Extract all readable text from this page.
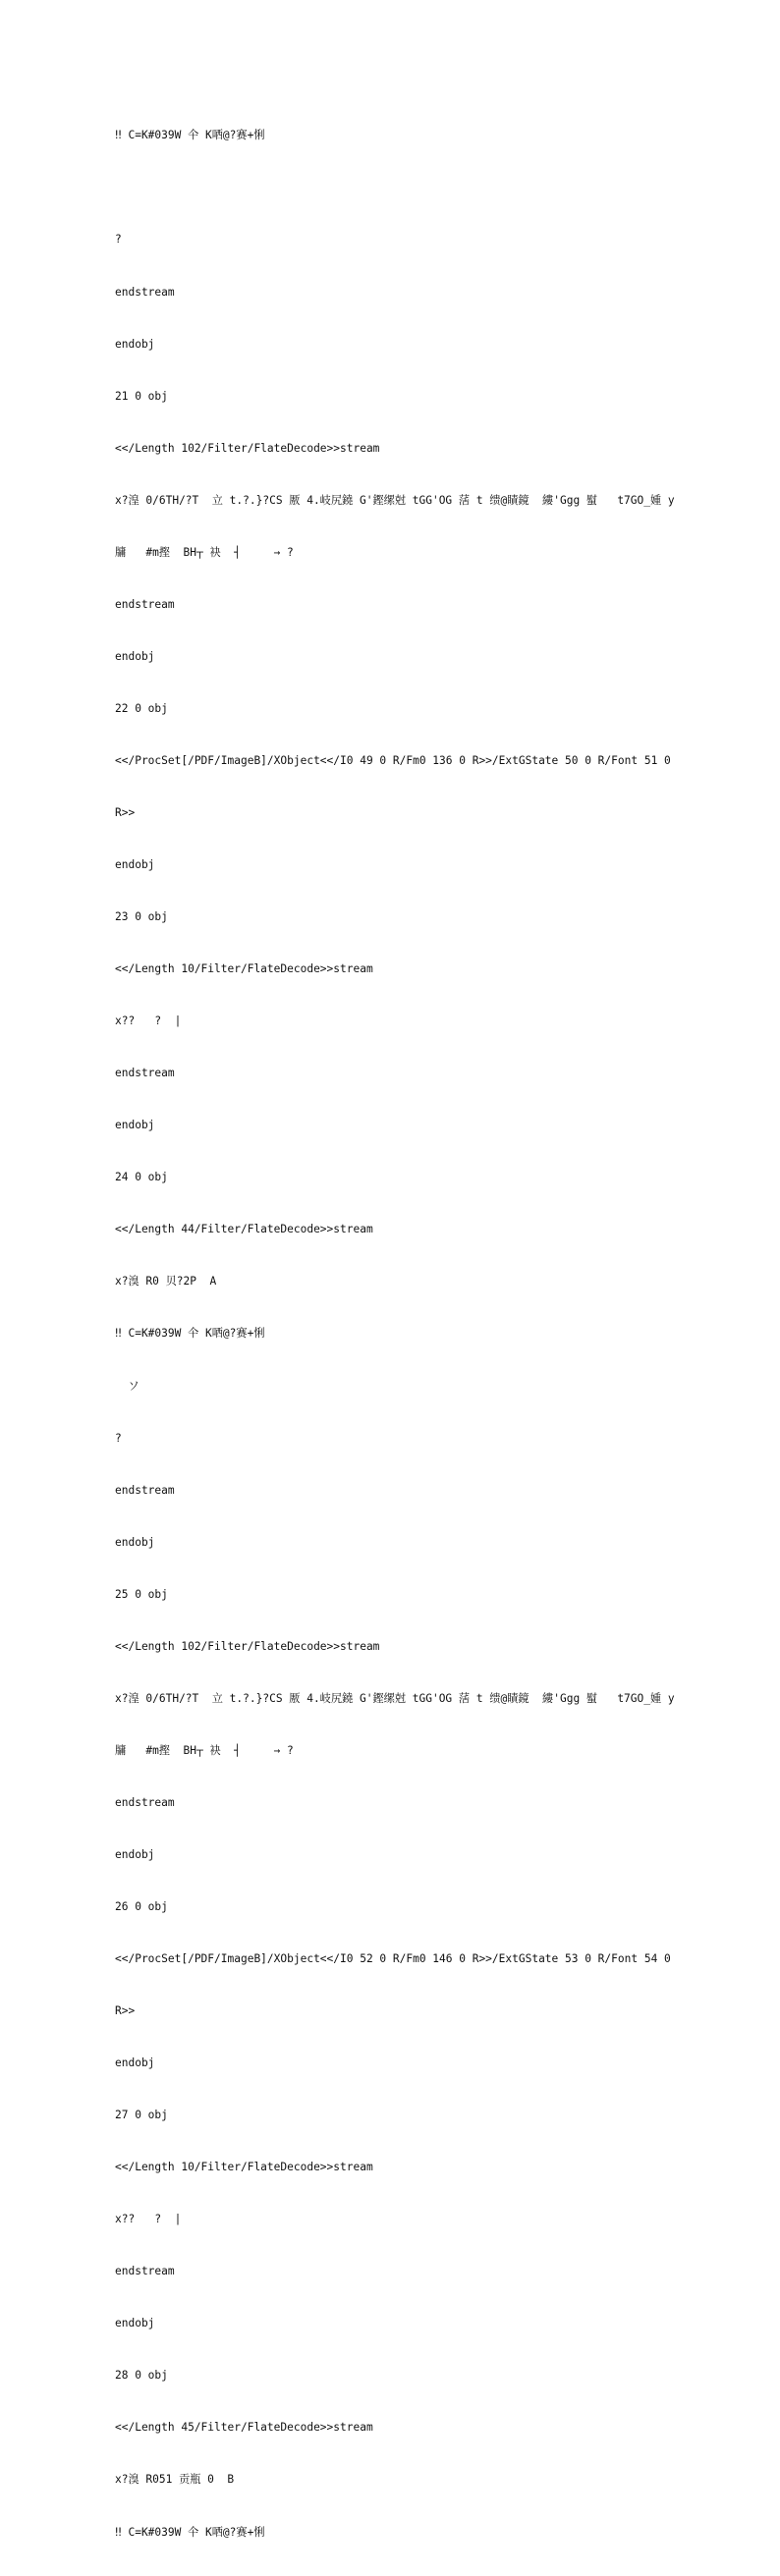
‼ C=K#039W 仐 K哂@?赛+悧

?

endstream

endobj

21 0 obj

<</Length 102/Filter/FlateDecode>>stream

x?湟 0/6TH/?T  立 t.?.}?CS 厫 4.岐尻鐃 G'鏗缧尅 tGG'OG 萿 t 缋@瞔鏡  縷'Ggg 螱   t7GO_媑 y

牗   #m摼  BH┬ 袂  ┤     → ?

endstream

endobj

22 0 obj

<</ProcSet[/PDF/ImageB]/XObject<</I0 49 0 R/Fm0 136 0 R>>/ExtGState 50 0 R/Font 51 0

R>>

endobj

23 0 obj

<</Length 10/Filter/FlateDecode>>stream

x??   ?  |

endstream

endobj

24 0 obj

<</Length 44/Filter/FlateDecode>>stream

x?溴 R0 贝?2P  A

‼ C=K#039W 仐 K哂@?赛+悧

ソ

?

endstream

endobj

25 0 obj

<</Length 102/Filter/FlateDecode>>stream

x?湟 0/6TH/?T  立 t.?.}?CS 厫 4.岐尻鐃 G'鏗缧尅 tGG'OG 萿 t 缋@瞔鏡  縷'Ggg 螱   t7GO_媑 y

牗   #m摼  BH┬ 袂  ┤     → ?

endstream

endobj

26 0 obj

<</ProcSet[/PDF/ImageB]/XObject<</I0 52 0 R/Fm0 146 0 R>>/ExtGState 53 0 R/Font 54 0

R>>

endobj

27 0 obj

<</Length 10/Filter/FlateDecode>>stream

x??   ?  |

endstream

endobj

28 0 obj

<</Length 45/Filter/FlateDecode>>stream

x?溴 R051 贡瓶 0  B

‼ C=K#039W 仐 K哂@?赛+悧
